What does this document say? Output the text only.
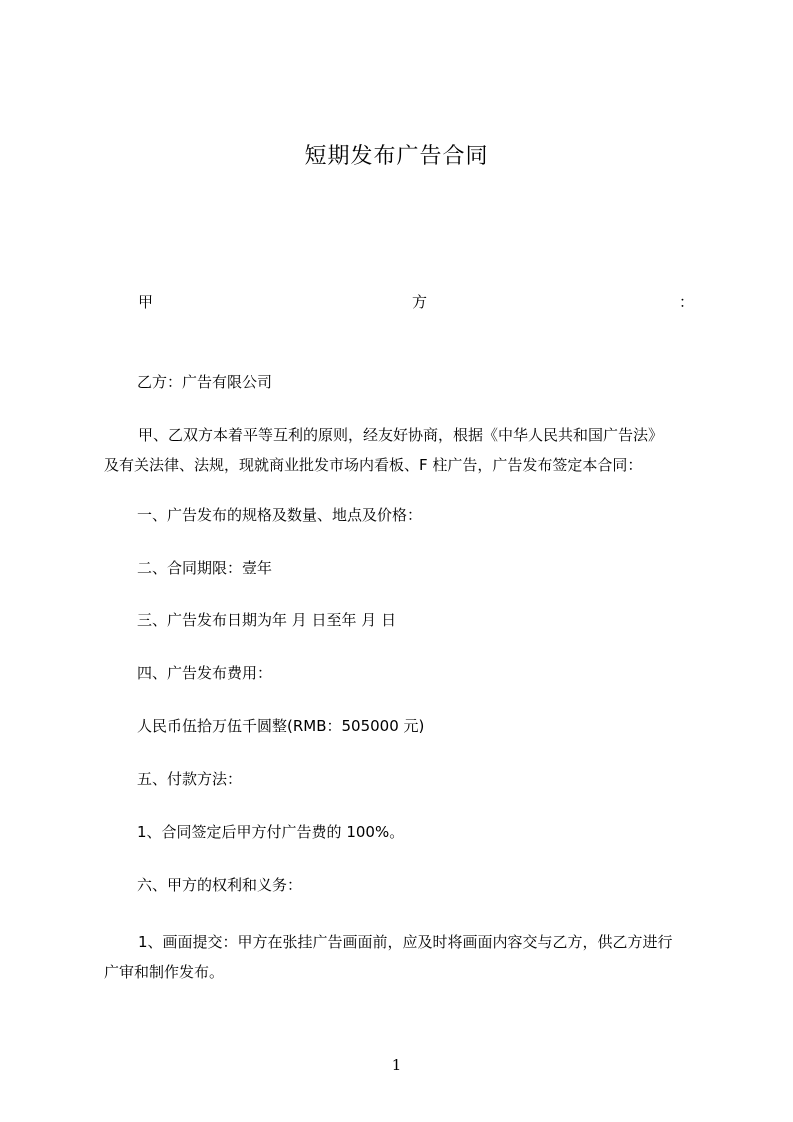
短期发布广告合同
甲	方	：
乙方：广告有限公司
甲、乙双方本着平等互利的原则，经友好协商，根据《中华人民共和国广告法》
及有关法律、法规，现就商业批发市场内看板、F 柱广告，广告发布签定本合同：
一、广告发布的规格及数量、地点及价格：
二、合同期限：壹年
三、广告发布日期为年 月 日至年 月 日
四、广告发布费用：
人民币伍拾万伍千圆整(RMB：505000 元)
五、付款方法：
1、合同签定后甲方付广告费的 100%。
六、甲方的权利和义务：
1、画面提交：甲方在张挂广告画面前，应及时将画面内容交与乙方，供乙方进行
广审和制作发布。
1
